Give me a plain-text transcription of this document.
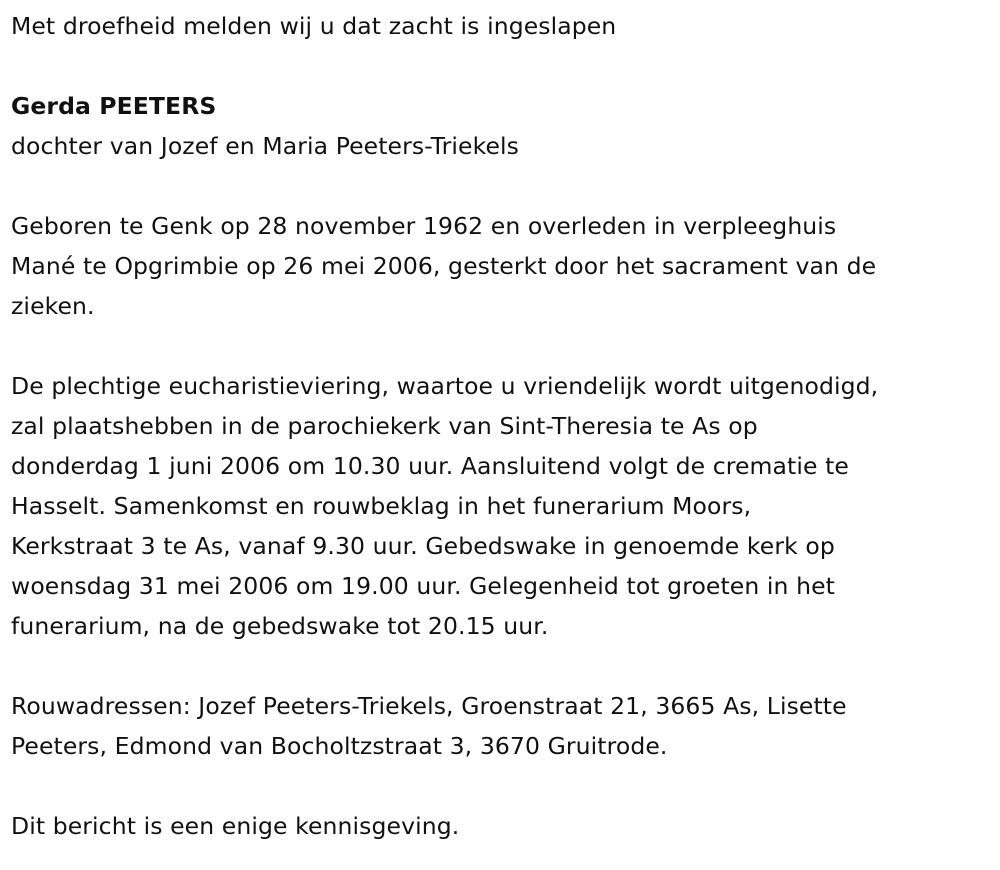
Met droefheid melden wij u dat zacht is ingeslapen

Gerda PEETERS

dochter van Jozef en Maria Peeters-Triekels

Geboren te Genk op 28 november 1962 en overleden in verpleeghuis
Mané te Opgrimbie op 26 mei 2006, gesterkt door het sacrament van de
zieken.

De plechtige eucharistieviering, waartoe u vriendelijk wordt uitgenodigd,
zal plaatshebben in de parochiekerk van Sint-Theresia te As op
donderdag 1 juni 2006 om 10.30 uur. Aansluitend volgt de crematie te
Hasselt. Samenkomst en rouwbeklag in het funerarium Moors,
Kerkstraat 3 te As, vanaf 9.30 uur. Gebedswake in genoemde kerk op
woensdag 31 mei 2006 om 19.00 uur. Gelegenheid tot groeten in het
funerarium, na de gebedswake tot 20.15 uur.

Rouwadressen: Jozef Peeters-Triekels, Groenstraat 21, 3665 As, Lisette
Peeters, Edmond van Bocholtzstraat 3, 3670 Gruitrode.

Dit bericht is een enige kennisgeving.
